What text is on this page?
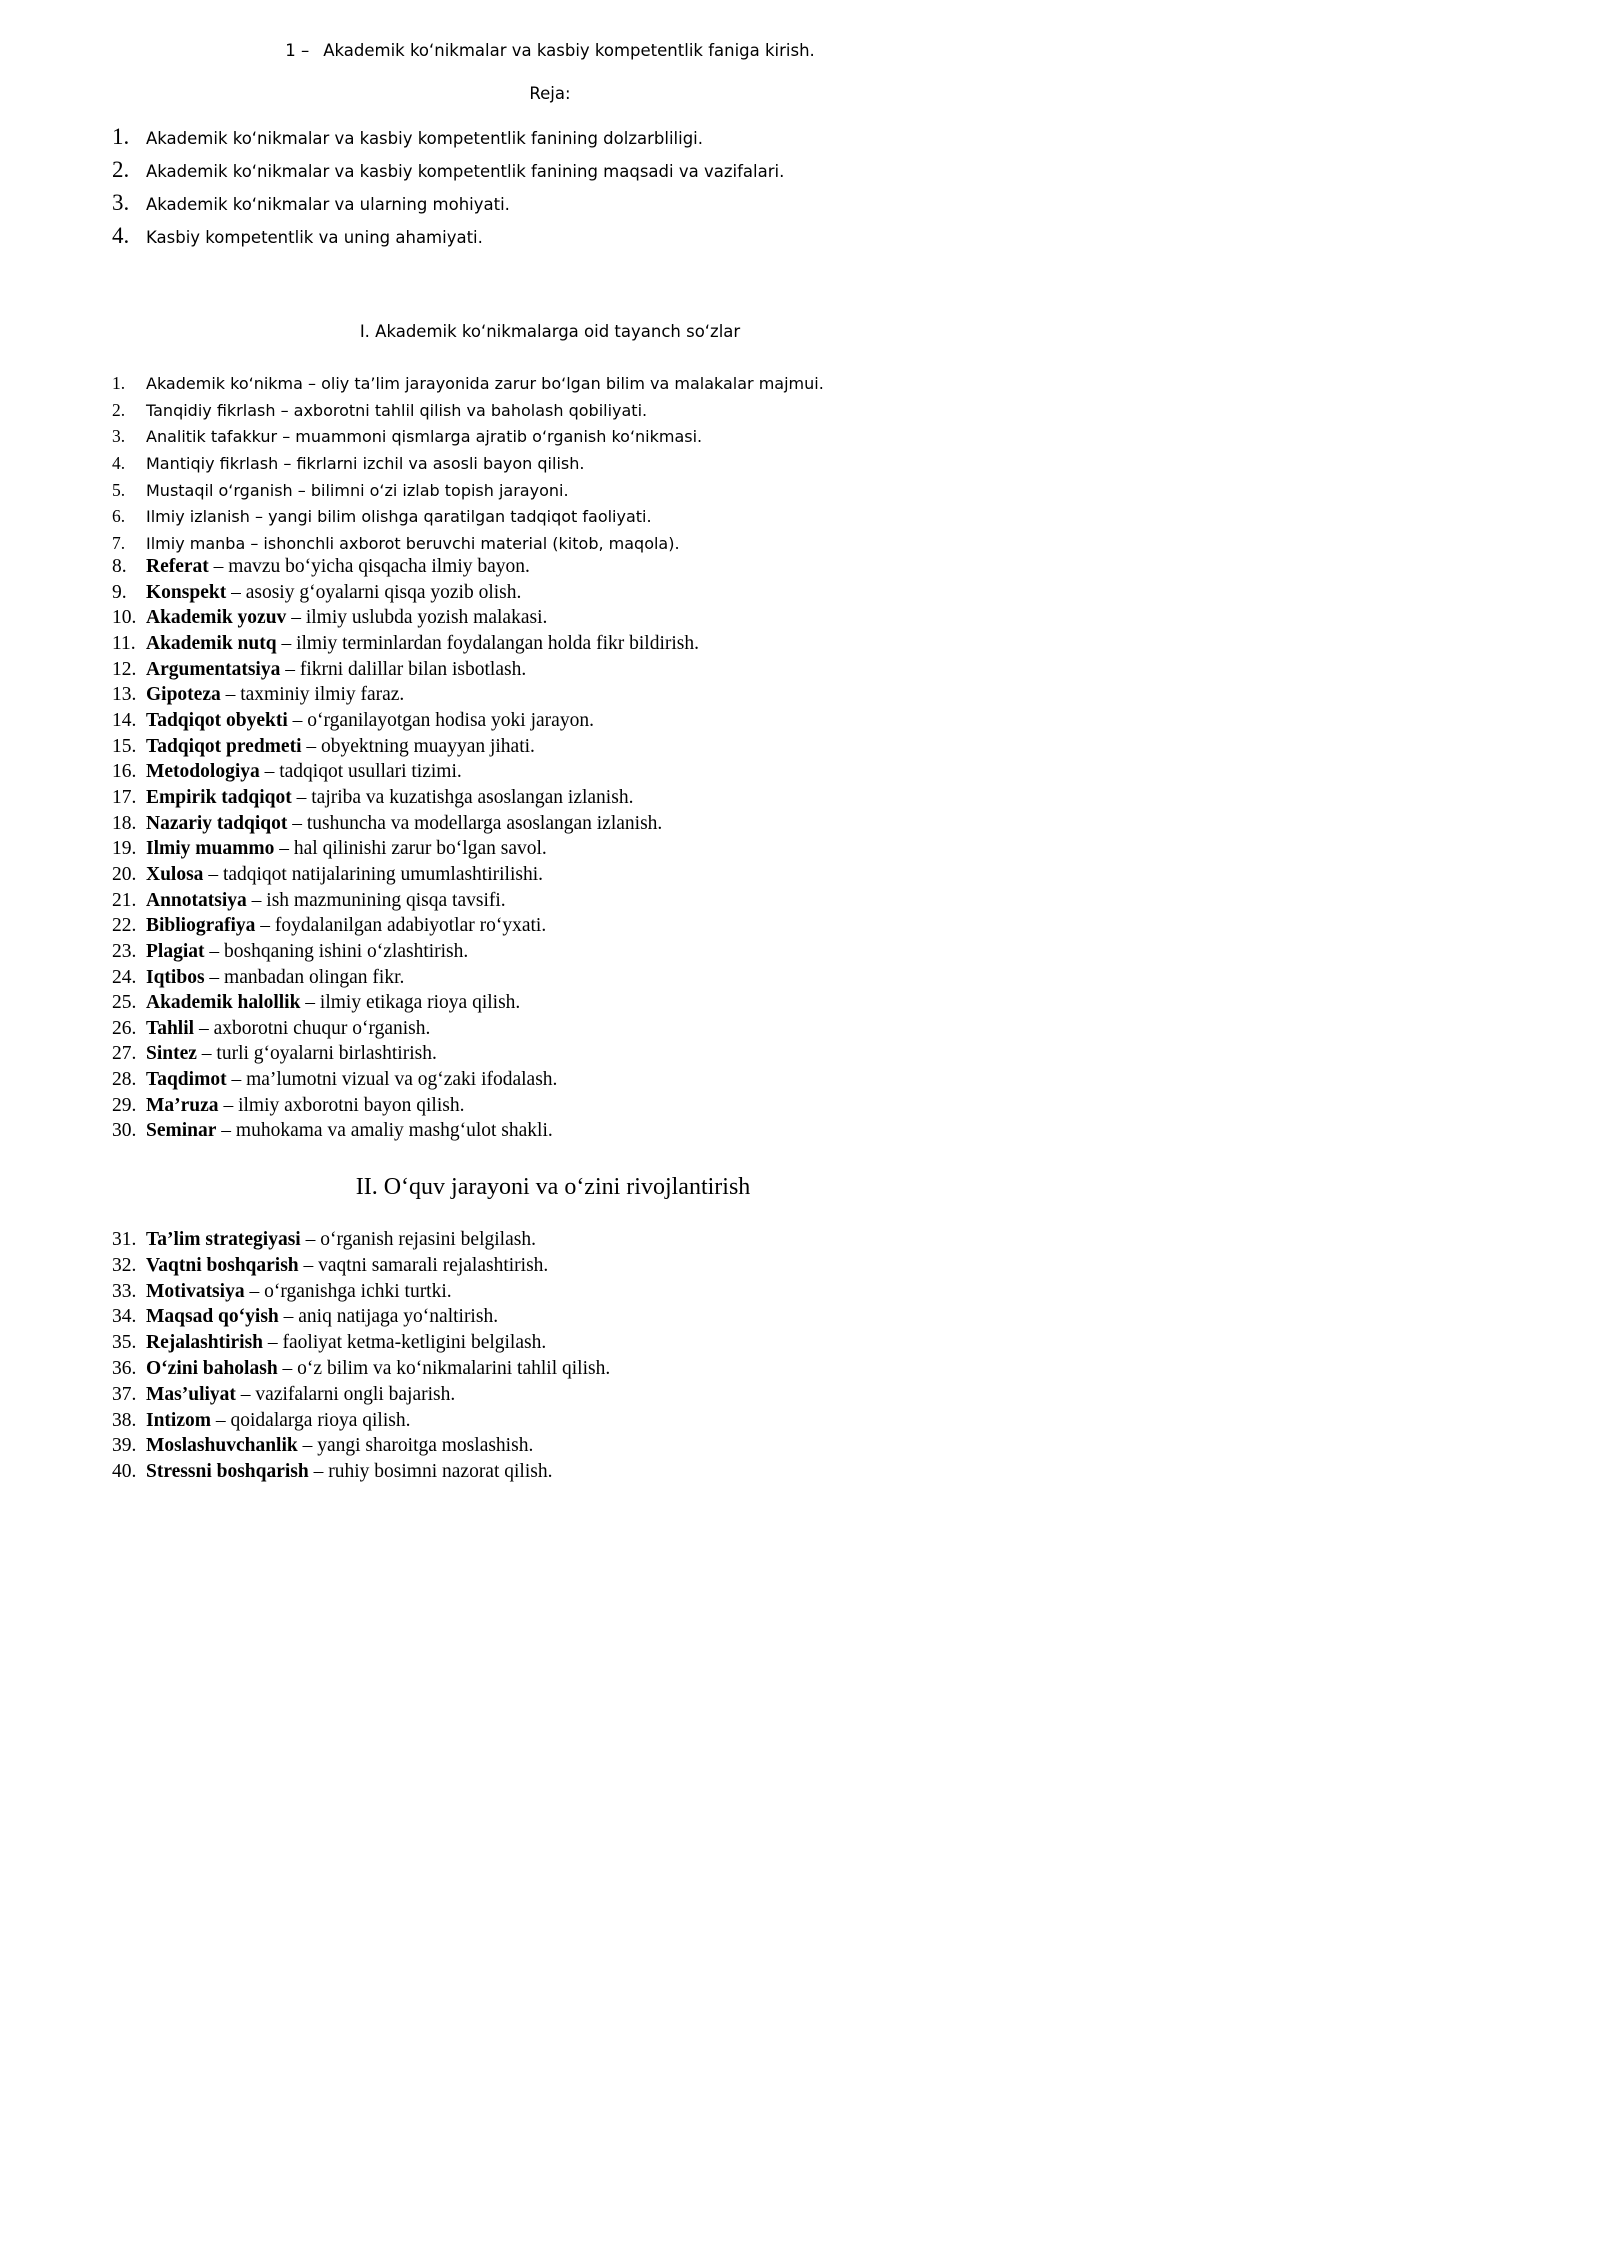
1 – Akademik ko‘nikmalar va kasbiy kompetentlik faniga kirish.
Reja:
1.	Akademik ko‘nikmalar va kasbiy kompetentlik fanining dolzarbliligi.
2.	Akademik ko‘nikmalar va kasbiy kompetentlik fanining maqsadi va vazifalari.
3.	Akademik ko‘nikmalar va ularning mohiyati.
4.	Kasbiy kompetentlik va uning ahamiyati.
I. Akademik ko‘nikmalarga oid tayanch so‘zlar
1.	Akademik ko‘nikma – oliy ta’lim jarayonida zarur bo‘lgan bilim va malakalar majmui.
2.	Tanqidiy fikrlash – axborotni tahlil qilish va baholash qobiliyati.
3.	Analitik tafakkur – muammoni qismlarga ajratib o‘rganish ko‘nikmasi.
4.	Mantiqiy fikrlash – fikrlarni izchil va asosli bayon qilish.
5.	Mustaqil o‘rganish – bilimni o‘zi izlab topish jarayoni.
6.	Ilmiy izlanish – yangi bilim olishga qaratilgan tadqiqot faoliyati.
7.	Ilmiy manba – ishonchli axborot beruvchi material (kitob, maqola).
8. Referat – mavzu bo‘yicha qisqacha ilmiy bayon.
9. Konspekt – asosiy g‘oyalarni qisqa yozib olish.
10. Akademik yozuv – ilmiy uslubda yozish malakasi.
11. Akademik nutq – ilmiy terminlardan foydalangan holda fikr bildirish.
12. Argumentatsiya – fikrni dalillar bilan isbotlash.
13. Gipoteza – taxminiy ilmiy faraz.
14. Tadqiqot obyekti – o‘rganilayotgan hodisa yoki jarayon.
15. Tadqiqot predmeti – obyektning muayyan jihati.
16. Metodologiya – tadqiqot usullari tizimi.
17. Empirik tadqiqot – tajriba va kuzatishga asoslangan izlanish.
18. Nazariy tadqiqot – tushuncha va modellarga asoslangan izlanish.
19. Ilmiy muammo – hal qilinishi zarur bo‘lgan savol.
20. Xulosa – tadqiqot natijalarining umumlashtirilishi.
21. Annotatsiya – ish mazmunining qisqa tavsifi.
22. Bibliografiya – foydalanilgan adabiyotlar ro‘yxati.
23. Plagiat – boshqaning ishini o‘zlashtirish.
24. Iqtibos – manbadan olingan fikr.
25. Akademik halollik – ilmiy etikaga rioya qilish.
26. Tahlil – axborotni chuqur o‘rganish.
27. Sintez – turli g‘oyalarni birlashtirish.
28. Taqdimot – ma’lumotni vizual va og‘zaki ifodalash.
29. Ma’ruza – ilmiy axborotni bayon qilish.
30. Seminar – muhokama va amaliy mashg‘ulot shakli.
II. O‘quv jarayoni va o‘zini rivojlantirish
31. Ta’lim strategiyasi – o‘rganish rejasini belgilash.
32. Vaqtni boshqarish – vaqtni samarali rejalashtirish.
33. Motivatsiya – o‘rganishga ichki turtki.
34. Maqsad qo‘yish – aniq natijaga yo‘naltirish.
35. Rejalashtirish – faoliyat ketma-ketligini belgilash.
36. O‘zini baholash – o‘z bilim va ko‘nikmalarini tahlil qilish.
37. Mas’uliyat – vazifalarni ongli bajarish.
38. Intizom – qoidalarga rioya qilish.
39. Moslashuvchanlik – yangi sharoitga moslashish.
40. Stressni boshqarish – ruhiy bosimni nazorat qilish.
